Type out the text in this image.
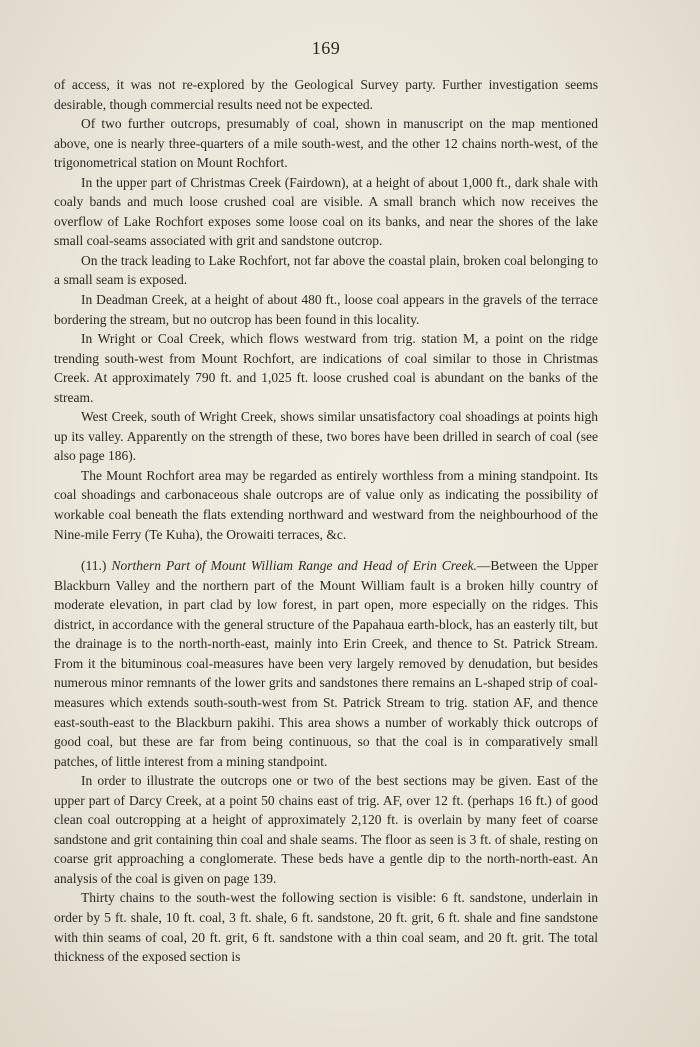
169

of access, it was not re-explored by the Geological Survey party. Further investigation seems desirable, though commercial results need not be expected.

Of two further outcrops, presumably of coal, shown in manuscript on the map mentioned above, one is nearly three-quarters of a mile south-west, and the other 12 chains north-west, of the trigonometrical station on Mount Rochfort.

In the upper part of Christmas Creek (Fairdown), at a height of about 1,000 ft., dark shale with coaly bands and much loose crushed coal are visible. A small branch which now receives the overflow of Lake Rochfort exposes some loose coal on its banks, and near the shores of the lake small coal-seams associated with grit and sandstone outcrop.

On the track leading to Lake Rochfort, not far above the coastal plain, broken coal belonging to a small seam is exposed.

In Deadman Creek, at a height of about 480 ft., loose coal appears in the gravels of the terrace bordering the stream, but no outcrop has been found in this locality.

In Wright or Coal Creek, which flows westward from trig. station M, a point on the ridge trending south-west from Mount Rochfort, are indications of coal similar to those in Christmas Creek. At approximately 790 ft. and 1,025 ft. loose crushed coal is abundant on the banks of the stream.

West Creek, south of Wright Creek, shows similar unsatisfactory coal shoadings at points high up its valley. Apparently on the strength of these, two bores have been drilled in search of coal (see also page 186).

The Mount Rochfort area may be regarded as entirely worthless from a mining standpoint. Its coal shoadings and carbonaceous shale outcrops are of value only as indicating the possibility of workable coal beneath the flats extending northward and westward from the neighbourhood of the Nine-mile Ferry (Te Kuha), the Orowaiti terraces, &c.

(11.) Northern Part of Mount William Range and Head of Erin Creek.—Between the Upper Blackburn Valley and the northern part of the Mount William fault is a broken hilly country of moderate elevation, in part clad by low forest, in part open, more especially on the ridges. This district, in accordance with the general structure of the Papahaua earth-block, has an easterly tilt, but the drainage is to the north-north-east, mainly into Erin Creek, and thence to St. Patrick Stream. From it the bituminous coal-measures have been very largely removed by denudation, but besides numerous minor remnants of the lower grits and sandstones there remains an L-shaped strip of coal-measures which extends south-south-west from St. Patrick Stream to trig. station AF, and thence east-south-east to the Blackburn pakihi. This area shows a number of workably thick outcrops of good coal, but these are far from being continuous, so that the coal is in comparatively small patches, of little interest from a mining standpoint.

In order to illustrate the outcrops one or two of the best sections may be given. East of the upper part of Darcy Creek, at a point 50 chains east of trig. AF, over 12 ft. (perhaps 16 ft.) of good clean coal outcropping at a height of approximately 2,120 ft. is overlain by many feet of coarse sandstone and grit containing thin coal and shale seams. The floor as seen is 3 ft. of shale, resting on coarse grit approaching a conglomerate. These beds have a gentle dip to the north-north-east. An analysis of the coal is given on page 139.

Thirty chains to the south-west the following section is visible: 6 ft. sandstone, underlain in order by 5 ft. shale, 10 ft. coal, 3 ft. shale, 6 ft. sandstone, 20 ft. grit, 6 ft. shale and fine sandstone with thin seams of coal, 20 ft. grit, 6 ft. sandstone with a thin coal seam, and 20 ft. grit. The total thickness of the exposed section is
